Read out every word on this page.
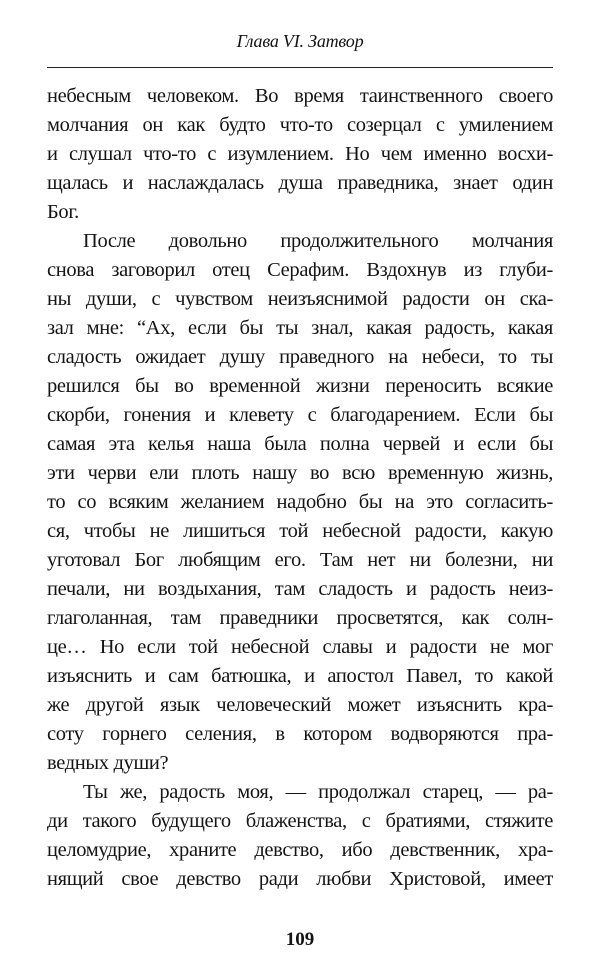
Глава VI. Затвор
небесным человеком. Во время таинственного своего
молчания он как будто что-то созерцал с умилением
и слушал что-то с изумлением. Но чем именно восхи-
щалась и наслаждалась душа праведника, знает один
Бог.
После довольно продолжительного молчания
снова заговорил отец Серафим. Вздохнув из глуби-
ны души, с чувством неизъяснимой радости он ска-
зал мне: “Ах, если бы ты знал, какая радость, какая
сладость ожидает душу праведного на небеси, то ты
решился бы во временной жизни переносить всякие
скорби, гонения и клевету с благодарением. Если бы
самая эта келья наша была полна червей и если бы
эти черви ели плоть нашу во всю временную жизнь,
то со всяким желанием надобно бы на это согласить-
ся, чтобы не лишиться той небесной радости, какую
уготовал Бог любящим его. Там нет ни болезни, ни
печали, ни воздыхания, там сладость и радость неиз-
глаголанная, там праведники просветятся, как солн-
це… Но если той небесной славы и радости не мог
изъяснить и сам батюшка, и апостол Павел, то какой
же другой язык человеческий может изъяснить кра-
соту горнего селения, в котором водворяются пра-
ведных души?
Ты же, радость моя, — продолжал старец, — ра-
ди такого будущего блаженства, с братиями, стяжите
целомудрие, храните девство, ибо девственник, хра-
нящий свое девство ради любви Христовой, имеет
109
